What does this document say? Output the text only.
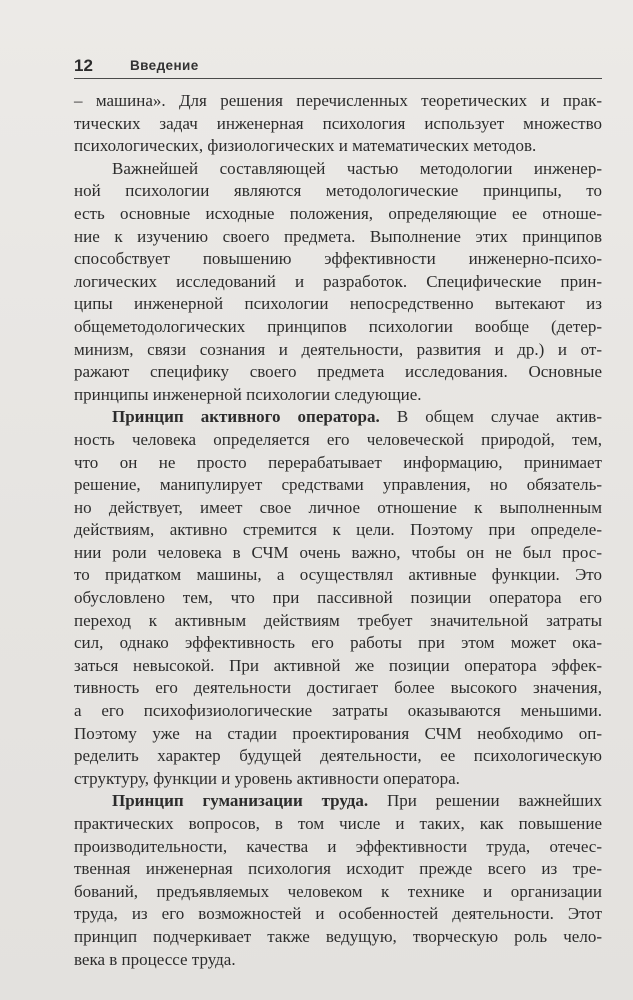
12	Введение
– машина». Для решения перечисленных теоретических и прак-
тических задач инженерная психология использует множество
психологических, физиологических и математических методов.
Важнейшей составляющей частью методологии инженер-
ной психологии являются методологические принципы, то
есть основные исходные положения, определяющие ее отноше-
ние к изучению своего предмета. Выполнение этих принципов
способствует повышению эффективности инженерно-психо-
логических исследований и разработок. Специфические прин-
ципы инженерной психологии непосредственно вытекают из
общеметодологических принципов психологии вообще (детер-
минизм, связи сознания и деятельности, развития и др.) и от-
ражают специфику своего предмета исследования. Основные
принципы инженерной психологии следующие.
Принцип активного оператора. В общем случае актив-
ность человека определяется его человеческой природой, тем,
что он не просто перерабатывает информацию, принимает
решение, манипулирует средствами управления, но обязатель-
но действует, имеет свое личное отношение к выполненным
действиям, активно стремится к цели. Поэтому при определе-
нии роли человека в СЧМ очень важно, чтобы он не был прос-
то придатком машины, а осуществлял активные функции. Это
обусловлено тем, что при пассивной позиции оператора его
переход к активным действиям требует значительной затраты
сил, однако эффективность его работы при этом может ока-
заться невысокой. При активной же позиции оператора эффек-
тивность его деятельности достигает более высокого значения,
а его психофизиологические затраты оказываются меньшими.
Поэтому уже на стадии проектирования СЧМ необходимо оп-
ределить характер будущей деятельности, ее психологическую
структуру, функции и уровень активности оператора.
Принцип гуманизации труда. При решении важнейших
практических вопросов, в том числе и таких, как повышение
производительности, качества и эффективности труда, отечес-
твенная инженерная психология исходит прежде всего из тре-
бований, предъявляемых человеком к технике и организации
труда, из его возможностей и особенностей деятельности. Этот
принцип подчеркивает также ведущую, творческую роль чело-
века в процессе труда.
